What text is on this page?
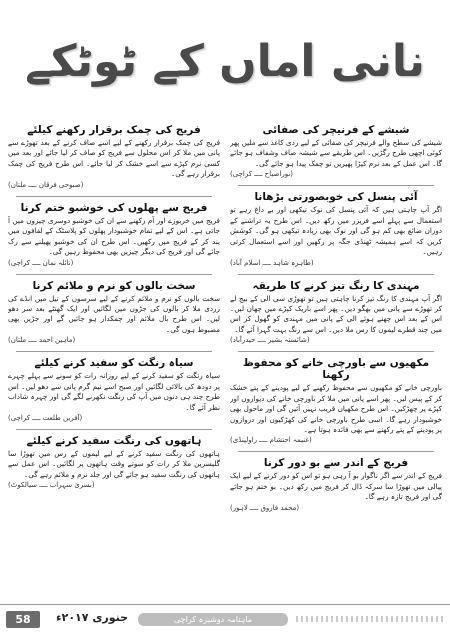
نانی اماں کے ٹوٹکے
شیشے کے فرنیچر کی صفائی

شیشے کی سطح والے فرنیچر کی صفائی کے لیے ردی کاغذ سے ملیں پھر کوئی اچھی طرح رگڑیں۔ اس طریقے سے شیشہ صاف وشفاف ہو جائے گا۔ اس عمل کے بعد نرم کپڑا پھیریں تو چمک پیدا ہو جائے گی۔

(نوراصباح ــــ کراچی)
آئی پنسل کی خوبصورتی بڑھانا

اگر آپ چاہتی ہیں کہ آئی پنسل کی نوک تیکھی اور بے داغ رہے تو استعمال سے پہلے اسے فریزر میں رکھ دیں۔ اس طرح یہ تراشنے کے دوران ضائع بھی کم ہو گی اور نوک بھی زیادہ تیکھی ہو گی۔ کوشش کریں کہ اسے ہمیشہ ٹھنڈی جگہ پر رکھیں اور اسے استعمال کرتی رہیں۔

(طاہرہ شاہد ــــ اسلام آباد)
مہندی کا رنگ تیز کرنے کا طریقہ

اگر آپ مہندی کا رنگ تیز کرنا چاہتی ہیں تو تھوڑی سی الی کے بیج لے کر تھوڑے سے پانی میں بھگو دیں۔ پھر اسے باریک کپڑے میں چھان لیں۔ اس کے بعد اس چھنے ہوئے الی کے پانی میں مہندی کو گھول کر اس میں چند قطرے لیموں کا رس ملا دیں۔ اس سے رنگ بہت گہرا آئے گا۔

(شائستہ بشیر ــــ حیدرآباد)
مکھیوں سے باورچی خانے کو محفوظ رکھنا

باورچی خانے کو مکھیوں سے محفوظ رکھنے کے لیے پودینے کے پتے خشک کر کے پیس لیں۔ پھر اسے پانی میں ملا کر باورچی خانے کی دیواروں اور کپڑے پر چھڑکیں۔ اس طرح مکھیاں قریب نہیں آئیں گی اور ماحول بھی خوشبودار رہے گا۔ اسی طرح باورچی خانے کی کھڑکیوں اور دروازوں پر پودینے کے پتے رکھنے سے بھی فائدہ ہوتا ہے۔

(غنیمہ احتشام ــــ راولپنڈی)
فریج کے اندر سے بو دور کرنا

فریج کے اندر سے اگر ناگوار بو آ رہی ہو تو اس کو دور کرنے کے لیے ایک پیالی میں تھوڑا سا سرکہ ڈال کر فریج میں رکھ دیں۔ بو ختم ہو جائے گی اور فریج تازہ رہے گا۔

(محمد فاروق ــــ لاہور)
فریج کی چمک برقرار رکھنے کیلئے

فریج کی چمک برقرار رکھنے کے لیے اسے صاف کرنے کے بعد تھوڑے سے پانی میں ملا کر اس محلول سے فریج کو صاف کر لیا جائے اور بعد میں کسی نرم کپڑے سے اسے خشک کر لیا جائے۔ اس طرح فریج کی چمک برقرار رہے گی۔

(صبوحی فرقان ــــ ملتان)
فریج سے پھلوں کی خوشبو ختم کرنا

فریج میں خربوزے اور آم رکھنے سے ان کی خوشبو دوسری چیزوں میں آ جاتی ہے۔ اس کے لیے تمام خوشبودار پھلوں کو پلاسٹک کے لفافوں میں بند کر کے فریج میں رکھیں۔ اس طرح ان کی خوشبو پھیلنے سے رک جائے گی اور فریج کی دیگر چیزیں بھی محفوظ رہیں گی۔

(نائلہ نمان ــــ کراچی)
سخت بالوں کو نرم و ملائم کرنا

سخت بالوں کو نرم و ملائم کرنے کے لیے سرسوں کے تیل میں انڈے کی زردی ملا کر بالوں کی جڑوں میں لگائیں اور ایک گھنٹے بعد سر دھو لیں۔ اس طرح بال ملائم اور چمکدار ہو جائیں گے اور جڑیں بھی مضبوط ہوں گی۔

(ماہین احمد ــــ ملتان)
سیاہ رنگت کو سفید کرنے کیلئے

سیاہ رنگت کو سفید کرنے کے لیے روزانہ رات کو سونے سے پہلے چہرے پر دودھ کی بالائی لگائیں اور صبح اسے نیم گرم پانی سے دھو لیں۔ اس طرح چند ہی دنوں میں آپ کی رنگت نکھرنے لگے گی اور چہرہ شاداب نظر آئے گا۔

(آفرین طلعت ــــ کراچی)
ہاتھوں کی رنگت سفید کرنے کیلئے

ہاتھوں کی رنگت سفید کرنے کے لیے لیموں کے رس میں تھوڑا سا گلیسرین ملا کر رات کو سوتے وقت ہاتھوں پر لگائیں۔ اس عمل سے ہاتھوں کی رنگت سفید ہو جائے گی اور جلد نرم و ملائم رہے گی۔

(بسریٰ سہراب ــــ سیالکوٹ)
58	جنوری ۲۰۱۷ء	ماہنامہ دوشیزہ کراچی
